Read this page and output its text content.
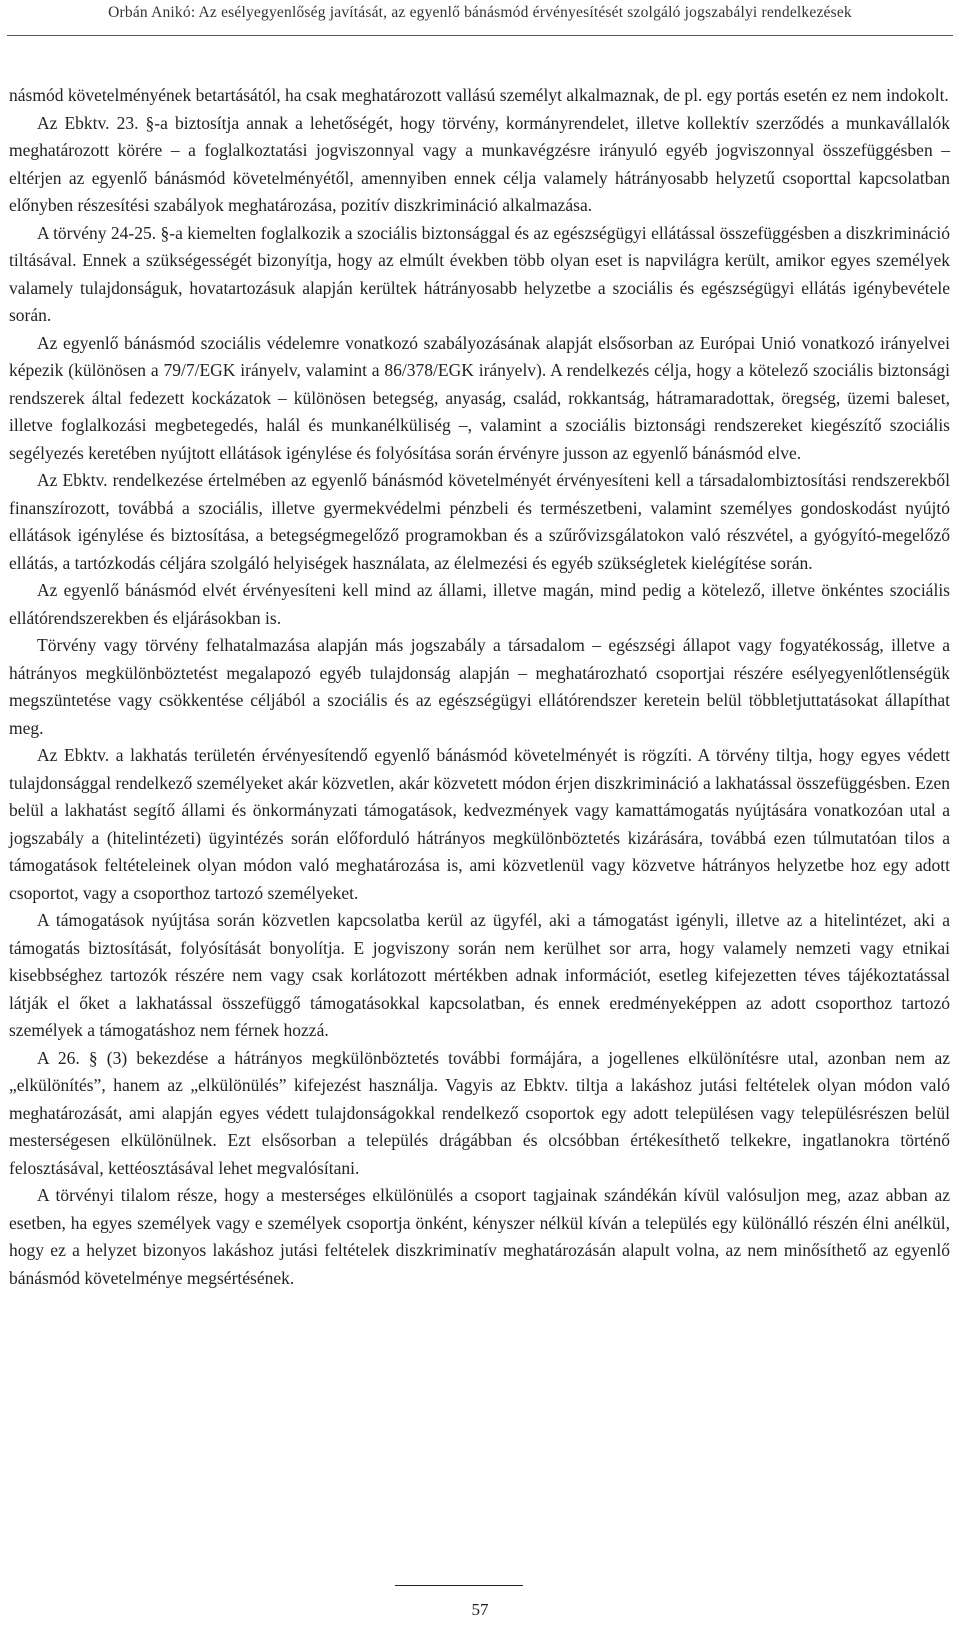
Orbán Anikó: Az esélyegyenlőség javítását, az egyenlő bánásmód érvényesítését szolgáló jogszabályi rendelkezések

násmód követelményének betartásától, ha csak meghatározott vallású személyt alkalmaznak, de pl. egy portás esetén ez nem indokolt.

Az Ebktv. 23. §-a biztosítja annak a lehetőségét, hogy törvény, kormányrendelet, illetve kollektív szerződés a munkavállalók meghatározott körére – a foglalkoztatási jogviszonnyal vagy a munkavégzésre irányuló egyéb jogviszonnyal összefüggésben – eltérjen az egyenlő bánásmód követelményétől, amennyiben ennek célja valamely hátrányosabb helyzetű csoporttal kapcsolatban előnyben részesítési szabályok meghatározása, pozitív diszkrimináció alkalmazása.

A törvény 24-25. §-a kiemelten foglalkozik a szociális biztonsággal és az egészségügyi ellátással összefüggésben a diszkrimináció tiltásával. Ennek a szükségességét bizonyítja, hogy az elmúlt években több olyan eset is napvilágra került, amikor egyes személyek valamely tulajdonságuk, hovatartozásuk alapján kerültek hátrányosabb helyzetbe a szociális és egészségügyi ellátás igénybevétele során.

Az egyenlő bánásmód szociális védelemre vonatkozó szabályozásának alapját elsősorban az Európai Unió vonatkozó irányelvei képezik (különösen a 79/7/EGK irányelv, valamint a 86/378/EGK irányelv). A rendelkezés célja, hogy a kötelező szociális biztonsági rendszerek által fedezett kockázatok – különösen betegség, anyaság, család, rokkantság, hátramaradottak, öregség, üzemi baleset, illetve foglalkozási megbetegedés, halál és munkanélküliség –, valamint a szociális biztonsági rendszereket kiegészítő szociális segélyezés keretében nyújtott ellátások igénylése és folyósítása során érvényre jusson az egyenlő bánásmód elve.

Az Ebktv. rendelkezése értelmében az egyenlő bánásmód követelményét érvényesíteni kell a társadalombiztosítási rendszerekből finanszírozott, továbbá a szociális, illetve gyermekvédelmi pénzbeli és természetbeni, valamint személyes gondoskodást nyújtó ellátások igénylése és biztosítása, a betegségmegelőző programokban és a szűrővizsgálatokon való részvétel, a gyógyító-megelőző ellátás, a tartózkodás céljára szolgáló helyiségek használata, az élelmezési és egyéb szükségletek kielégítése során.

Az egyenlő bánásmód elvét érvényesíteni kell mind az állami, illetve magán, mind pedig a kötelező, illetve önkéntes szociális ellátórendszerekben és eljárásokban is.

Törvény vagy törvény felhatalmazása alapján más jogszabály a társadalom – egészségi állapot vagy fogyatékosság, illetve a hátrányos megkülönböztetést megalapozó egyéb tulajdonság alapján – meghatározható csoportjai részére esélyegyenlőtlenségük megszüntetése vagy csökkentése céljából a szociális és az egészségügyi ellátórendszer keretein belül többletjuttatásokat állapíthat meg.

Az Ebktv. a lakhatás területén érvényesítendő egyenlő bánásmód követelményét is rögzíti. A törvény tiltja, hogy egyes védett tulajdonsággal rendelkező személyeket akár közvetlen, akár közvetett módon érjen diszkrimináció a lakhatással összefüggésben. Ezen belül a lakhatást segítő állami és önkormányzati támogatások, kedvezmények vagy kamattámogatás nyújtására vonatkozóan utal a jogszabály a (hitelintézeti) ügyintézés során előforduló hátrányos megkülönböztetés kizárására, továbbá ezen túlmutatóan tilos a támogatások feltételeinek olyan módon való meghatározása is, ami közvetlenül vagy közvetve hátrányos helyzetbe hoz egy adott csoportot, vagy a csoporthoz tartozó személyeket.

A támogatások nyújtása során közvetlen kapcsolatba kerül az ügyfél, aki a támogatást igényli, illetve az a hitelintézet, aki a támogatás biztosítását, folyósítását bonyolítja. E jogviszony során nem kerülhet sor arra, hogy valamely nemzeti vagy etnikai kisebbséghez tartozók részére nem vagy csak korlátozott mértékben adnak információt, esetleg kifejezetten téves tájékoztatással látják el őket a lakhatással összefüggő támogatásokkal kapcsolatban, és ennek eredményeképpen az adott csoporthoz tartozó személyek a támogatáshoz nem férnek hozzá.

A 26. § (3) bekezdése a hátrányos megkülönböztetés további formájára, a jogellenes elkülönítésre utal, azonban nem az „elkülönítés”, hanem az „elkülönülés” kifejezést használja. Vagyis az Ebktv. tiltja a lakáshoz jutási feltételek olyan módon való meghatározását, ami alapján egyes védett tulajdonságokkal rendelkező csoportok egy adott településen vagy településrészen belül mesterségesen elkülönülnek. Ezt elsősorban a település drágábban és olcsóbban értékesíthető telkekre, ingatlanokra történő felosztásával, kettéosztásával lehet megvalósítani.

A törvényi tilalom része, hogy a mesterséges elkülönülés a csoport tagjainak szándékán kívül valósuljon meg, azaz abban az esetben, ha egyes személyek vagy e személyek csoportja önként, kényszer nélkül kíván a település egy különálló részén élni anélkül, hogy ez a helyzet bizonyos lakáshoz jutási feltételek diszkriminatív meghatározásán alapult volna, az nem minősíthető az egyenlő bánásmód követelménye megsértésének.

57
